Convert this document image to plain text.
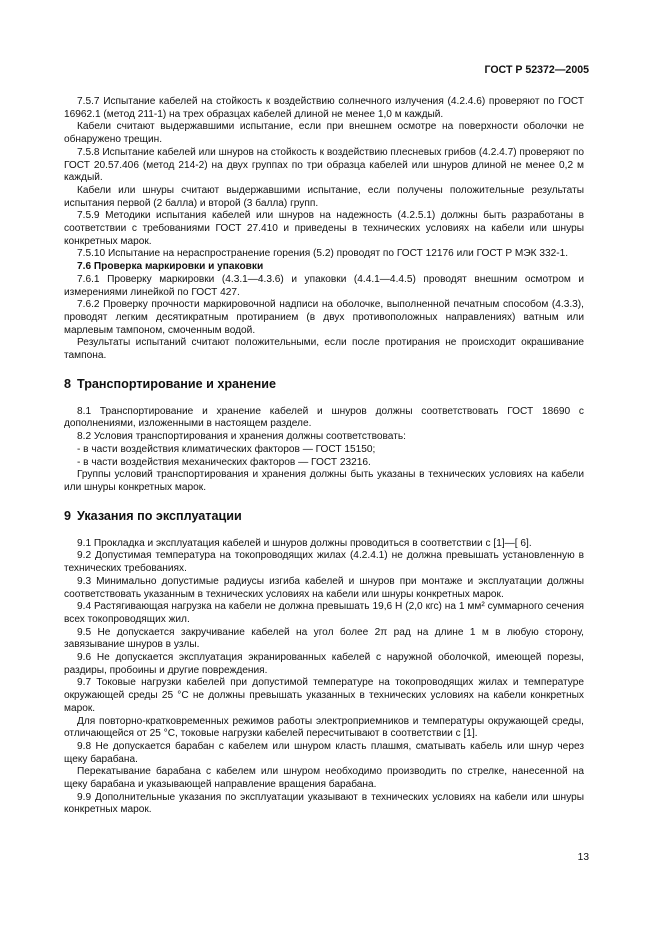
ГОСТ Р 52372—2005

7.5.7 Испытание кабелей на стойкость к воздействию солнечного излучения (4.2.4.6) проверяют по ГОСТ 16962.1 (метод 211-1) на трех образцах кабелей длиной не менее 1,0 м каждый.

Кабели считают выдержавшими испытание, если при внешнем осмотре на поверхности оболочки не обнаружено трещин.

7.5.8 Испытание кабелей или шнуров на стойкость к воздействию плесневых грибов (4.2.4.7) проверяют по ГОСТ 20.57.406 (метод 214-2) на двух группах по три образца кабелей или шнуров длиной не менее 0,2 м каждый.

Кабели или шнуры считают выдержавшими испытание, если получены положительные результаты испытания первой (2 балла) и второй (3 балла) групп.

7.5.9 Методики испытания кабелей или шнуров на надежность (4.2.5.1) должны быть разработаны в соответствии с требованиями ГОСТ 27.410 и приведены в технических условиях на кабели или шнуры конкретных марок.

7.5.10 Испытание на нераспространение горения (5.2) проводят по ГОСТ 12176 или ГОСТ Р МЭК 332-1.

7.6 Проверка маркировки и упаковки

7.6.1 Проверку маркировки (4.3.1—4.3.6) и упаковки (4.4.1—4.4.5) проводят внешним осмотром и измерениями линейкой по ГОСТ 427.

7.6.2 Проверку прочности маркировочной надписи на оболочке, выполненной печатным способом (4.3.3), проводят легким десятикратным протиранием (в двух противоположных направлениях) ватным или марлевым тампоном, смоченным водой.

Результаты испытаний считают положительными, если после протирания не происходит окрашивание тампона.

8 Транспортирование и хранение

8.1 Транспортирование и хранение кабелей и шнуров должны соответствовать ГОСТ 18690 с дополнениями, изложенными в настоящем разделе.

8.2 Условия транспортирования и хранения должны соответствовать:

- в части воздействия климатических факторов — ГОСТ 15150;

- в части воздействия механических факторов — ГОСТ 23216.

Группы условий транспортирования и хранения должны быть указаны в технических условиях на кабели или шнуры конкретных марок.

9 Указания по эксплуатации

9.1 Прокладка и эксплуатация кабелей и шнуров должны проводиться в соответствии с [1]—[ 6].

9.2 Допустимая температура на токопроводящих жилах (4.2.4.1) не должна превышать установленную в технических требованиях.

9.3 Минимально допустимые радиусы изгиба кабелей и шнуров при монтаже и эксплуатации должны соответствовать указанным в технических условиях на кабели или шнуры конкретных марок.

9.4 Растягивающая нагрузка на кабели не должна превышать 19,6 Н (2,0 кгс) на 1 мм² суммарного сечения всех токопроводящих жил.

9.5 Не допускается закручивание кабелей на угол более 2π рад на длине 1 м в любую сторону, завязывание шнуров в узлы.

9.6 Не допускается эксплуатация экранированных кабелей с наружной оболочкой, имеющей порезы, раздиры, пробоины и другие повреждения.

9.7 Токовые нагрузки кабелей при допустимой температуре на токопроводящих жилах и температуре окружающей среды 25 °С не должны превышать указанных в технических условиях на кабели конкретных марок.

Для повторно-кратковременных режимов работы электроприемников и температуры окружающей среды, отличающейся от 25 °С, токовые нагрузки кабелей пересчитывают в соответствии с [1].

9.8 Не допускается барабан с кабелем или шнуром класть плашмя, сматывать кабель или шнур через щеку барабана.

Перекатывание барабана с кабелем или шнуром необходимо производить по стрелке, нанесенной на щеку барабана и указывающей направление вращения барабана.

9.9 Дополнительные указания по эксплуатации указывают в технических условиях на кабели или шнуры конкретных марок.

13
